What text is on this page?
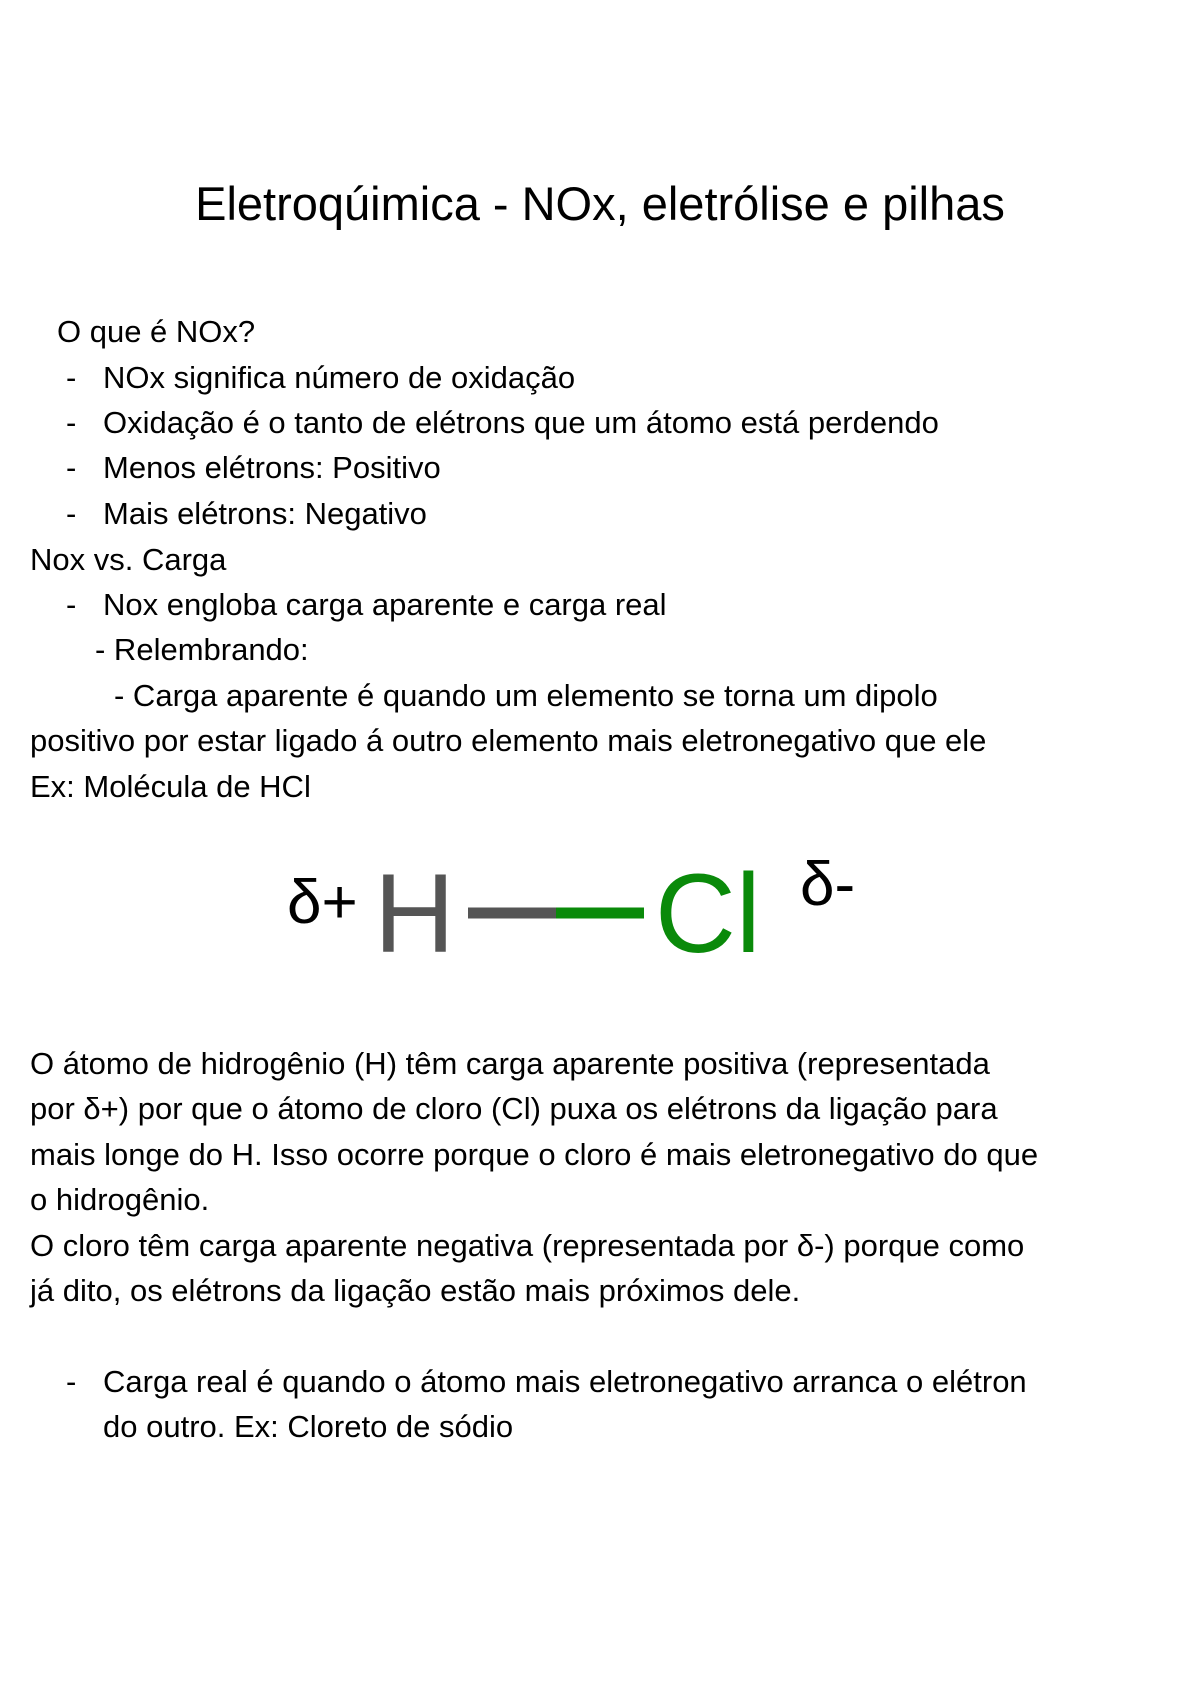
Eletroqúimica - NOx, eletrólise e pilhas
O que é NOx?
- NOx significa número de oxidação
- Oxidação é o tanto de elétrons que um átomo está perdendo
- Menos elétrons: Positivo
- Mais elétrons: Negativo
Nox vs. Carga
- Nox engloba carga aparente e carga real
- Relembrando:
- Carga aparente é quando um elemento se torna um dipolo
positivo por estar ligado á outro elemento mais eletronegativo que ele
Ex: Molécula de HCl
δ+ H Cl δ-
O átomo de hidrogênio (H) têm carga aparente positiva (representada
por δ+) por que o átomo de cloro (Cl) puxa os elétrons da ligação para
mais longe do H. Isso ocorre porque o cloro é mais eletronegativo do que
o hidrogênio.
O cloro têm carga aparente negativa (representada por δ-) porque como
já dito, os elétrons da ligação estão mais próximos dele.
- Carga real é quando o átomo mais eletronegativo arranca o elétron
do outro. Ex: Cloreto de sódio
